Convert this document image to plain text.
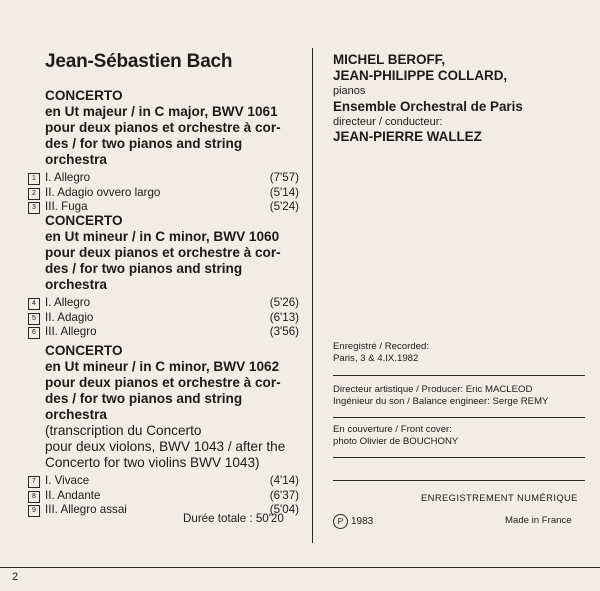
Jean-Sébastien Bach
CONCERTO
en Ut majeur / in C major, BWV 1061
pour deux pianos et orchestre à cor-
des / for two pianos and string
orchestra
1 I. Allegro	(7'57)
2 II. Adagio ovvero largo	(5'14)
3 III. Fuga	(5'24)
CONCERTO
en Ut mineur / in C minor, BWV 1060
pour deux pianos et orchestre à cor-
des / for two pianos and string
orchestra
4 I. Allegro	(5'26)
5 II. Adagio	(6'13)
6 III. Allegro	(3'56)
CONCERTO
en Ut mineur / in C minor, BWV 1062
pour deux pianos et orchestre à cor-
des / for two pianos and string
orchestra
(transcription du Concerto
pour deux violons, BWV 1043 / after the
Concerto for two violins BWV 1043)
7 I. Vivace	(4'14)
8 II. Andante	(6'37)
9 III. Allegro assai	(5'04)
Durée totale : 50'20
MICHEL BEROFF,
JEAN-PHILIPPE COLLARD,
pianos
Ensemble Orchestral de Paris
directeur / conducteur:
JEAN-PIERRE WALLEZ
Enregistré / Recorded:
Paris, 3 & 4.IX.1982
Directeur artistique / Producer: Eric MACLEOD
Ingénieur du son / Balance engineer: Serge REMY
En couverture / Front cover:
photo Olivier de BOUCHONY
ENREGISTREMENT NUMÉRIQUE
P 1983	Made in France
2
